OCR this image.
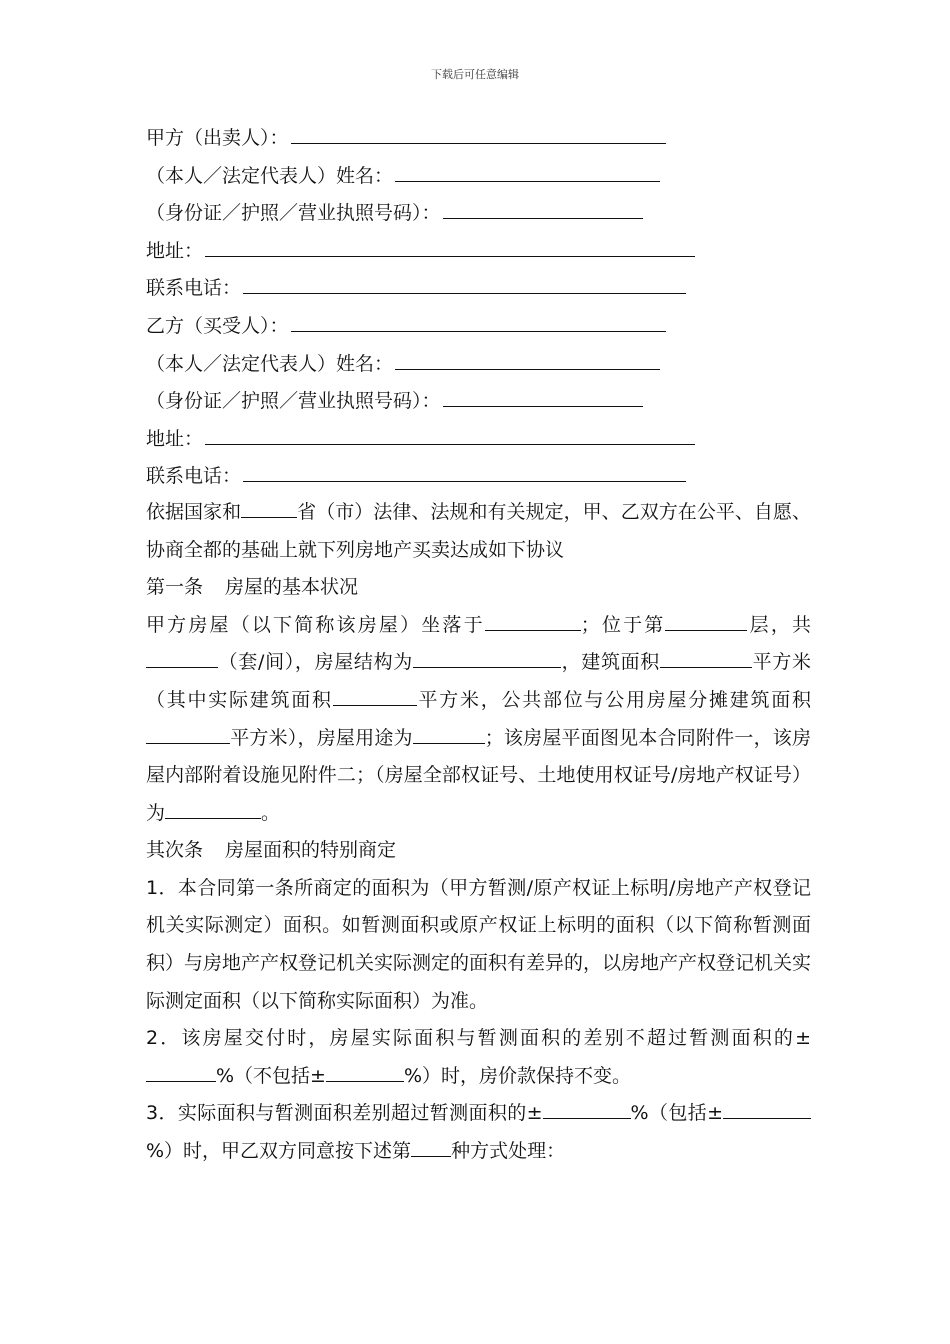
下载后可任意编辑
甲方（出卖人）：
（本人／法定代表人）姓名：
（身份证／护照／营业执照号码）：
地址：
联系电话：
乙方（买受人）：
（本人／法定代表人）姓名：
（身份证／护照／营业执照号码）：
地址：
联系电话：
依据国家和	省（市）法律、法规和有关规定，甲、乙双方在公平、自愿、协商全都的基础上就下列房地产买卖达成如下协议
第一条 房屋的基本状况
甲方房屋（以下简称该房屋）坐落于	；位于第	层，共（套/间），房屋结构为	，建筑面积	平方米（其中实际建筑面积	平方米，公共部位与公用房屋分摊建筑面积平方米），房屋用途为	；该房屋平面图见本合同附件一，该房屋内部附着设施见附件二；（房屋全部权证号、土地使用权证号/房地产权证号）为	。
其次条 房屋面积的特别商定
1．本合同第一条所商定的面积为（甲方暂测/原产权证上标明/房地产产权登记机关实际测定）面积。如暂测面积或原产权证上标明的面积（以下简称暂测面积）与房地产产权登记机关实际测定的面积有差异的，以房地产产权登记机关实际测定面积（以下简称实际面积）为准。
2．该房屋交付时，房屋实际面积与暂测面积的差别不超过暂测面积的±%（不包括±	%）时，房价款保持不变。
3．实际面积与暂测面积差别超过暂测面积的±	%（包括±%）时，甲乙双方同意按下述第 种方式处理：
